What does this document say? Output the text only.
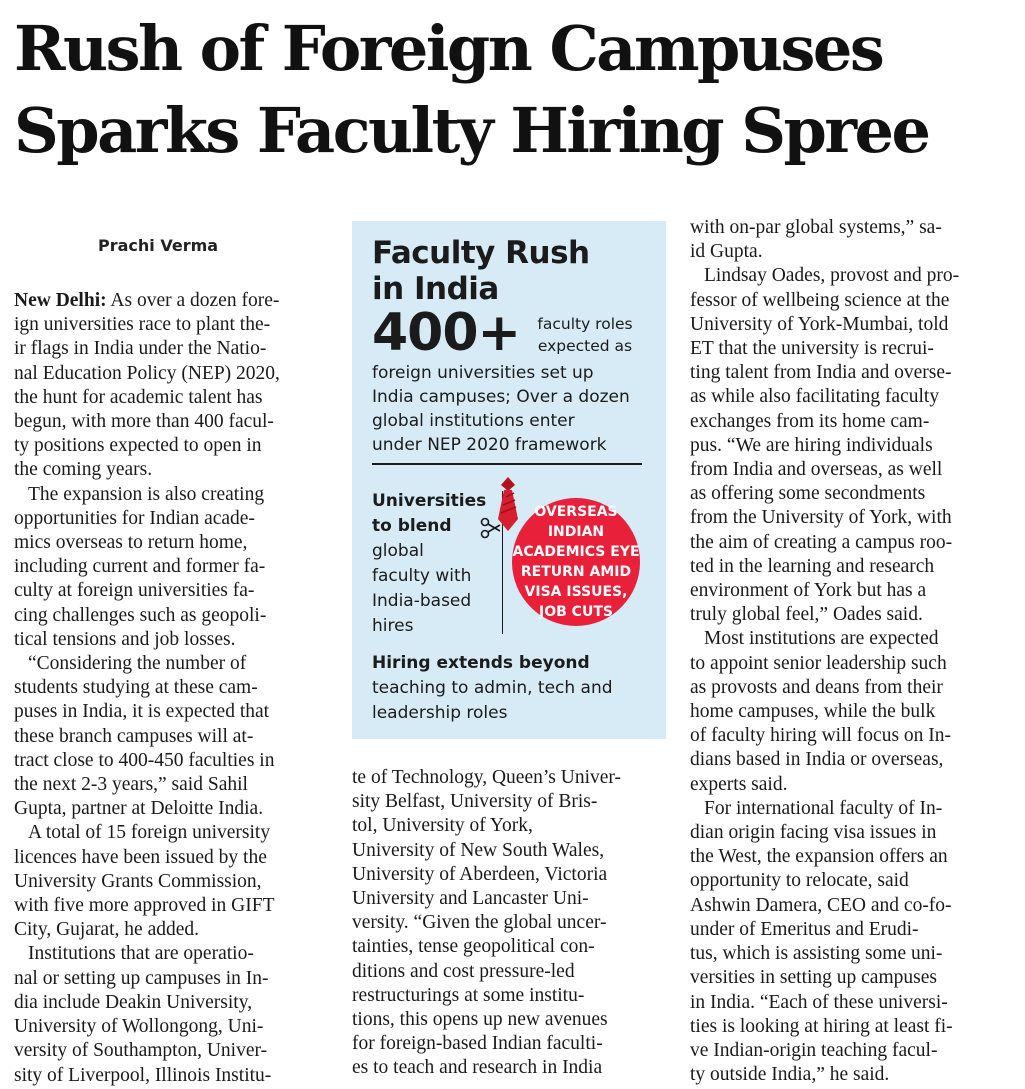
Rush of Foreign Campuses
Sparks Faculty Hiring Spree
Prachi Verma

New Delhi: As over a dozen fore-
ign universities race to plant the-
ir flags in India under the Natio-
nal Education Policy (NEP) 2020,
the hunt for academic talent has
begun, with more than 400 facul-
ty positions expected to open in
the coming years.

The expansion is also creating
opportunities for Indian acade-
mics overseas to return home,
including current and former fa-
culty at foreign universities fa-
cing challenges such as geopoli-
tical tensions and job losses.

“Considering the number of
students studying at these cam-
puses in India, it is expected that
these branch campuses will at-
tract close to 400-450 faculties in
the next 2-3 years,” said Sahil
Gupta, partner at Deloitte India.

A total of 15 foreign university
licences have been issued by the
University Grants Commission,
with five more approved in GIFT
City, Gujarat, he added.

Institutions that are operatio-
nal or setting up campuses in In-
dia include Deakin University,
University of Wollongong, Uni-
versity of Southampton, Univer-
sity of Liverpool, Illinois Institu-

te of Technology, Queen’s Univer-
sity Belfast, University of Bris-
tol, University of York,
University of New South Wales,
University of Aberdeen, Victoria
University and Lancaster Uni-
versity. “Given the global uncer-
tainties, tense geopolitical con-
ditions and cost pressure-led
restructurings at some institu-
tions, this opens up new avenues
for foreign-based Indian faculti-
es to teach and research in India

with on-par global systems,” sa-
id Gupta.

Lindsay Oades, provost and pro-
fessor of wellbeing science at the
University of York-Mumbai, told
ET that the university is recrui-
ting talent from India and overse-
as while also facilitating faculty
exchanges from its home cam-
pus. “We are hiring individuals
from India and overseas, as well
as offering some secondments
from the University of York, with
the aim of creating a campus roo-
ted in the learning and research
environment of York but has a
truly global feel,” Oades said.

Most institutions are expected
to appoint senior leadership such
as provosts and deans from their
home campuses, while the bulk
of faculty hiring will focus on In-
dians based in India or overseas,
experts said.

For international faculty of In-
dian origin facing visa issues in
the West, the expansion offers an
opportunity to relocate, said
Ashwin Damera, CEO and co-fo-
under of Emeritus and Erudi-
tus, which is assisting some uni-
versities in setting up campuses
in India. “Each of these universi-
ties is looking at hiring at least fi-
ve Indian-origin teaching facul-
ty outside India,” he said.

Faculty Rush
in India
400+	faculty roles
expected as
foreign universities set up
India campuses; Over a dozen
global institutions enter
under NEP 2020 framework
Universities
to blend
global
faculty with
India-based
hires
OVERSEAS
INDIAN
ACADEMICS EYE
RETURN AMID
VISA ISSUES,
JOB CUTS
Hiring extends beyond
teaching to admin, tech and
leadership roles
